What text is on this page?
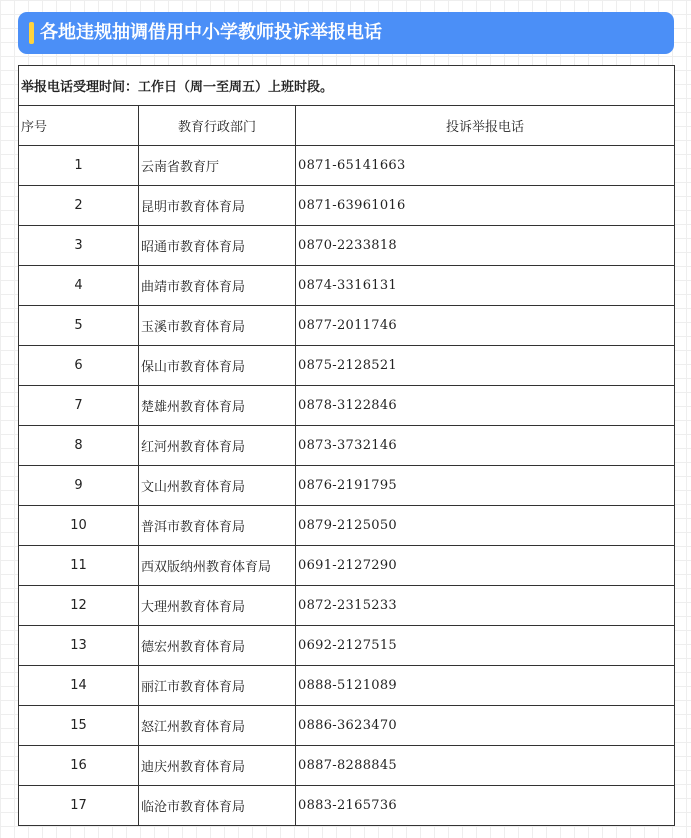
各地违规抽调借用中小学教师投诉举报电话
举报电话受理时间：工作日（周一至周五）上班时段。		
序号	教育行政部门	投诉举报电话
1	云南省教育厅	0871-65141663
2	昆明市教育体育局	0871-63961016
3	昭通市教育体育局	0870-2233818
4	曲靖市教育体育局	0874-3316131
5	玉溪市教育体育局	0877-2011746
6	保山市教育体育局	0875-2128521
7	楚雄州教育体育局	0878-3122846
8	红河州教育体育局	0873-3732146
9	文山州教育体育局	0876-2191795
10	普洱市教育体育局	0879-2125050
11	西双版纳州教育体育局	0691-2127290
12	大理州教育体育局	0872-2315233
13	德宏州教育体育局	0692-2127515
14	丽江市教育体育局	0888-5121089
15	怒江州教育体育局	0886-3623470
16	迪庆州教育体育局	0887-8288845
17	临沧市教育体育局	0883-2165736
